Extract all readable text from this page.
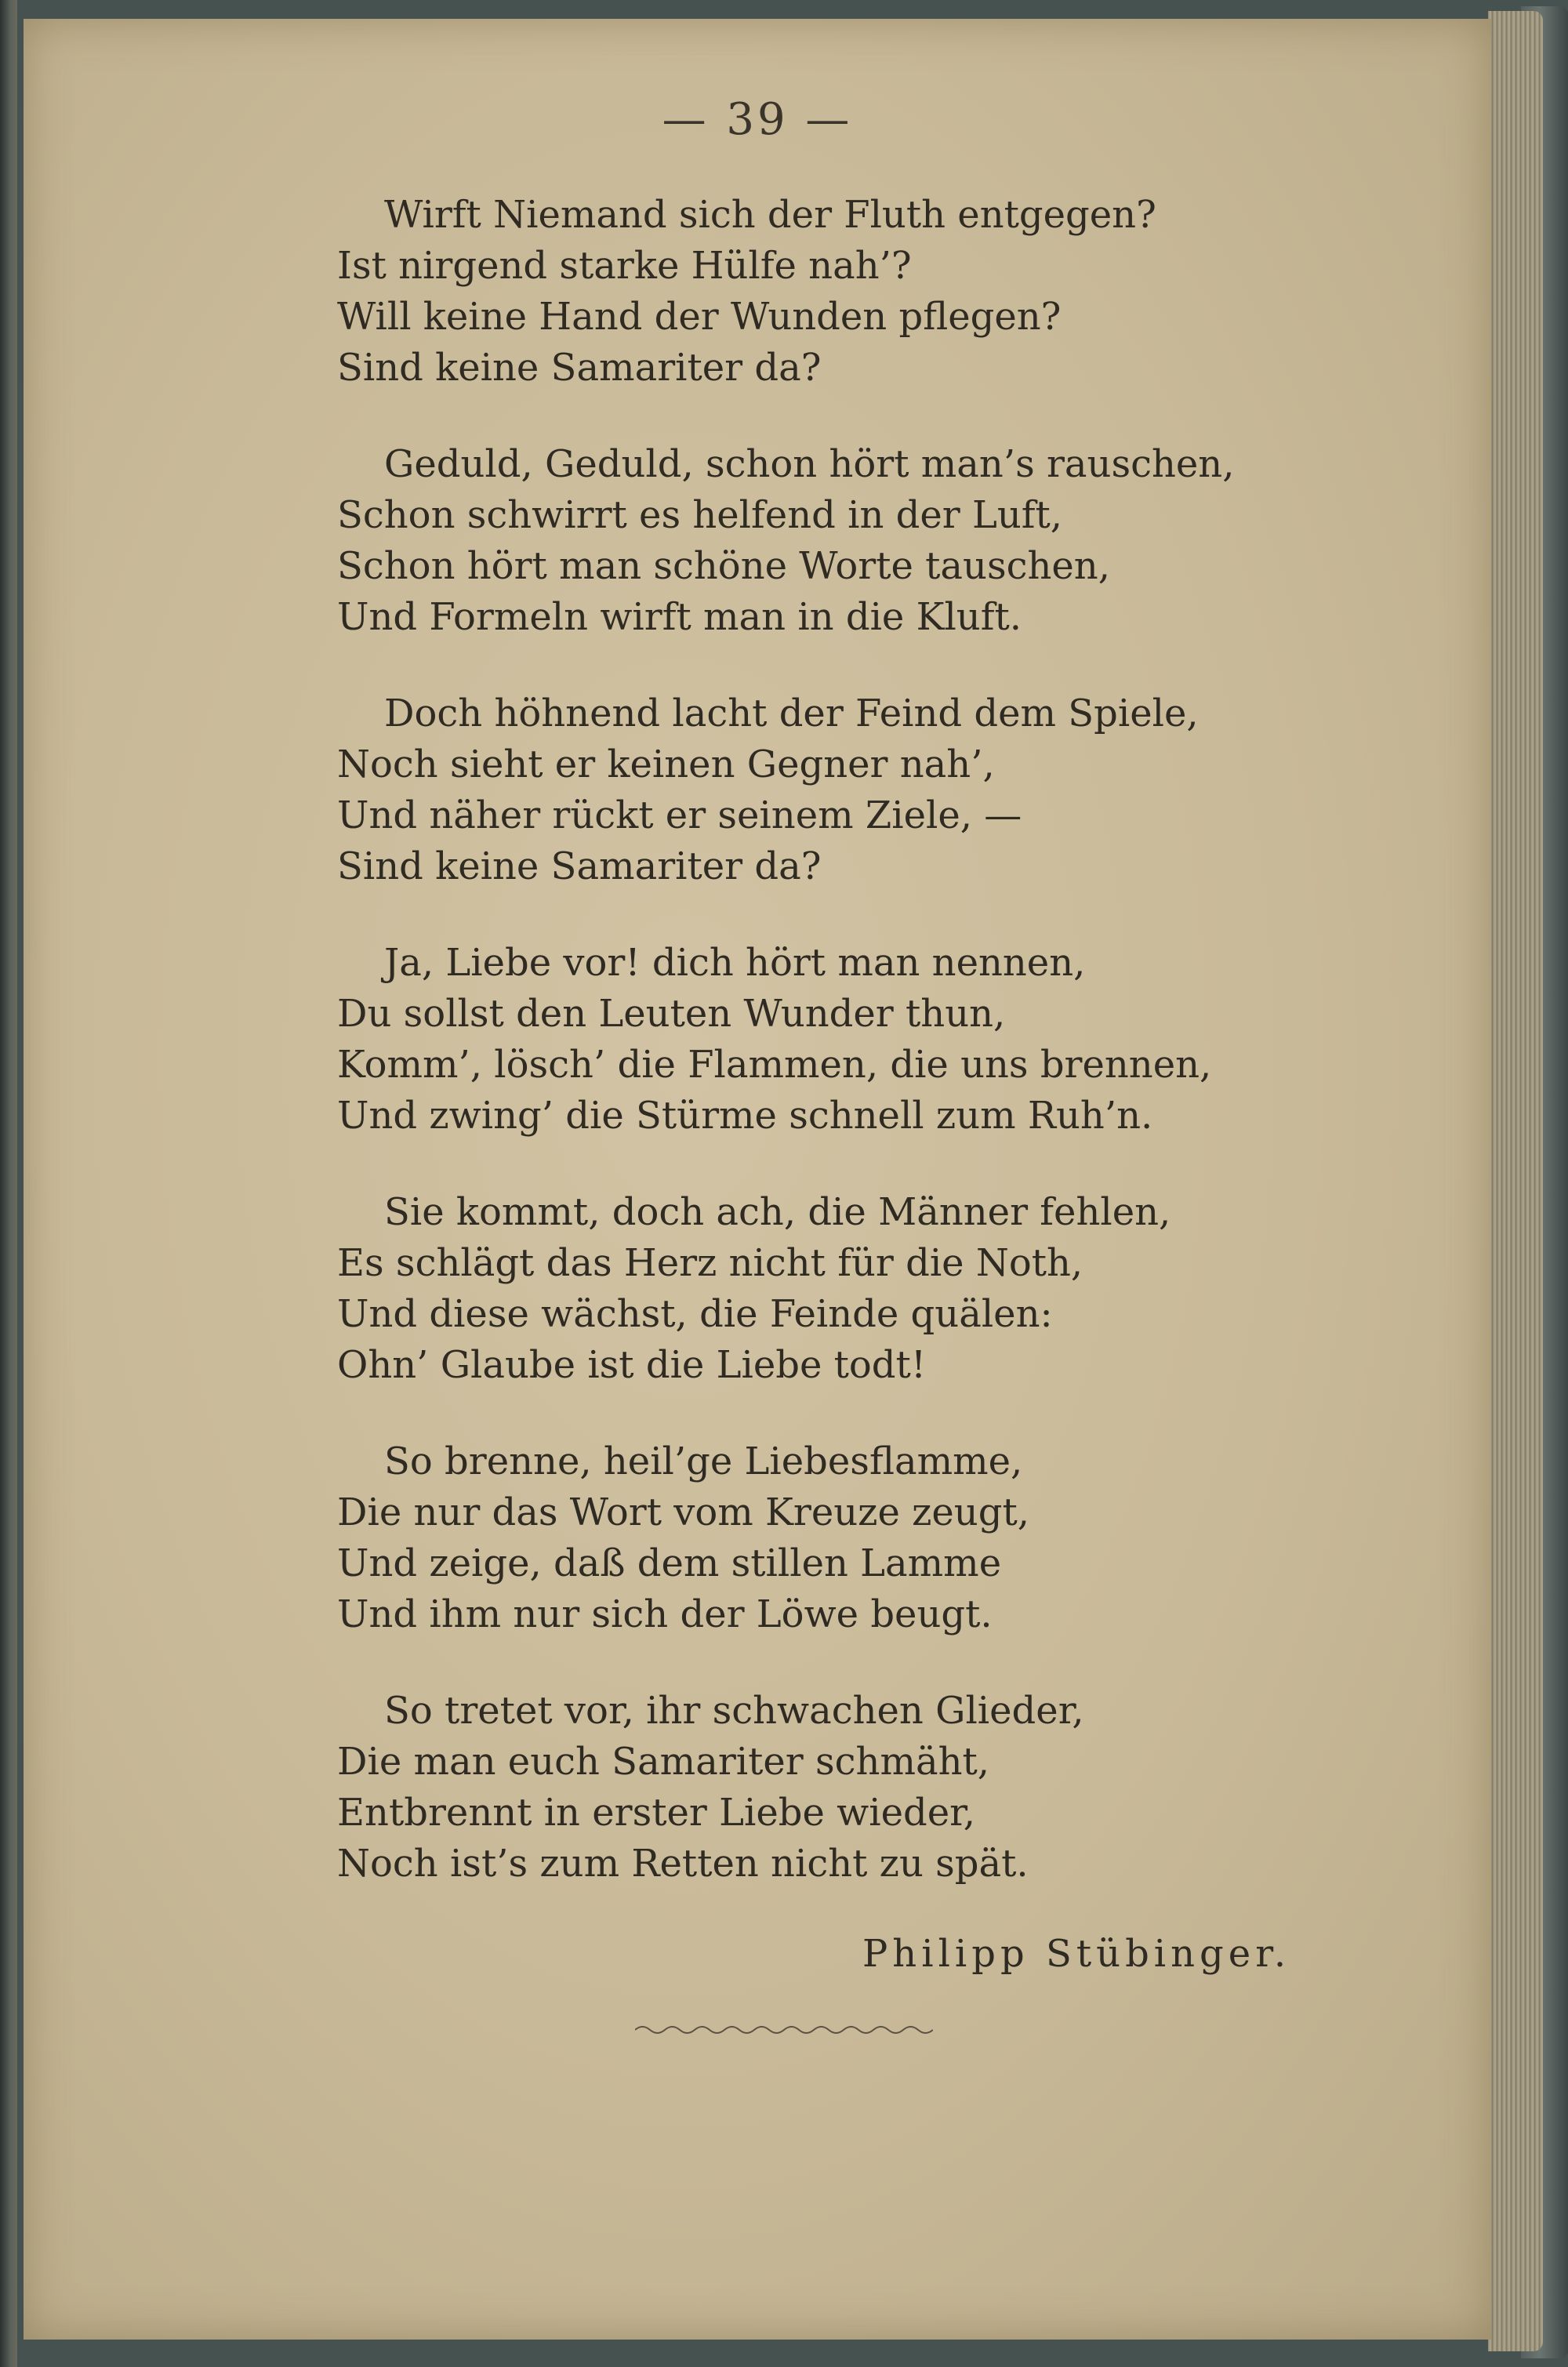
— 39 —
Wirft Niemand sich der Fluth entgegen?
Ist nirgend starke Hülfe nah’?
Will keine Hand der Wunden pflegen?
Sind keine Samariter da?
Geduld, Geduld, schon hört man’s rauschen,
Schon schwirrt es helfend in der Luft,
Schon hört man schöne Worte tauschen,
Und Formeln wirft man in die Kluft.
Doch höhnend lacht der Feind dem Spiele,
Noch sieht er keinen Gegner nah’,
Und näher rückt er seinem Ziele, —
Sind keine Samariter da?
Ja, Liebe vor! dich hört man nennen,
Du sollst den Leuten Wunder thun,
Komm’, lösch’ die Flammen, die uns brennen,
Und zwing’ die Stürme schnell zum Ruh’n.
Sie kommt, doch ach, die Männer fehlen,
Es schlägt das Herz nicht für die Noth,
Und diese wächst, die Feinde quälen:
Ohn’ Glaube ist die Liebe todt!
So brenne, heil’ge Liebesflamme,
Die nur das Wort vom Kreuze zeugt,
Und zeige, daß dem stillen Lamme
Und ihm nur sich der Löwe beugt.
So tretet vor, ihr schwachen Glieder,
Die man euch Samariter schmäht,
Entbrennt in erster Liebe wieder,
Noch ist’s zum Retten nicht zu spät.
Philipp Stübinger.
